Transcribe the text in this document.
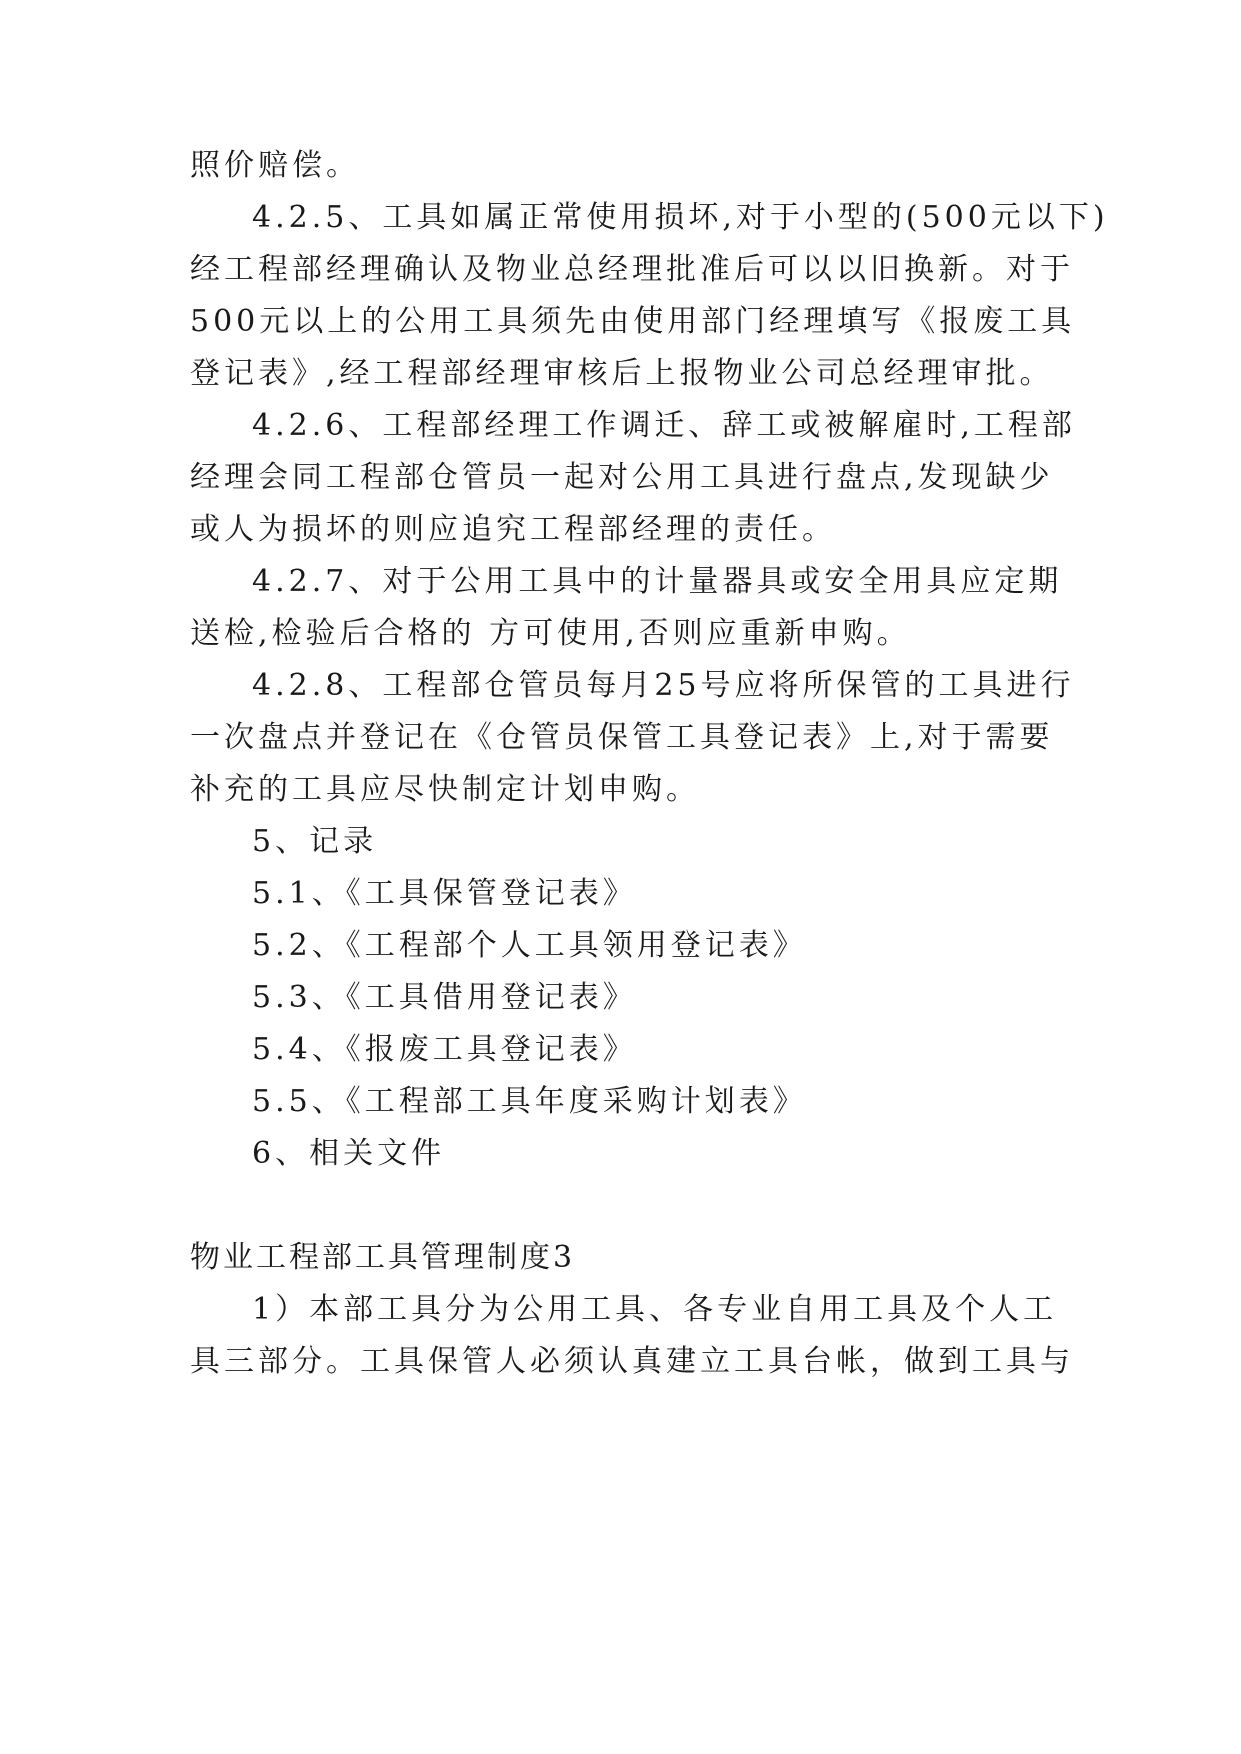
照价赔偿。
4.2.5、工具如属正常使用损坏,对于小型的(500元以下)
经工程部经理确认及物业总经理批准后可以以旧换新。对于
500元以上的公用工具须先由使用部门经理填写《报废工具
登记表》,经工程部经理审核后上报物业公司总经理审批。
4.2.6、工程部经理工作调迁、辞工或被解雇时,工程部
经理会同工程部仓管员一起对公用工具进行盘点,发现缺少
或人为损坏的则应追究工程部经理的责任。
4.2.7、对于公用工具中的计量器具或安全用具应定期
送检,检验后合格的 方可使用,否则应重新申购。
4.2.8、工程部仓管员每月25号应将所保管的工具进行
一次盘点并登记在《仓管员保管工具登记表》上,对于需要
补充的工具应尽快制定计划申购。
5、记录
5.1、《工具保管登记表》
5.2、《工程部个人工具领用登记表》
5.3、《工具借用登记表》
5.4、《报废工具登记表》
5.5、《工程部工具年度采购计划表》
6、相关文件
物业工程部工具管理制度3
1）本部工具分为公用工具、各专业自用工具及个人工
具三部分。工具保管人必须认真建立工具台帐，做到工具与
